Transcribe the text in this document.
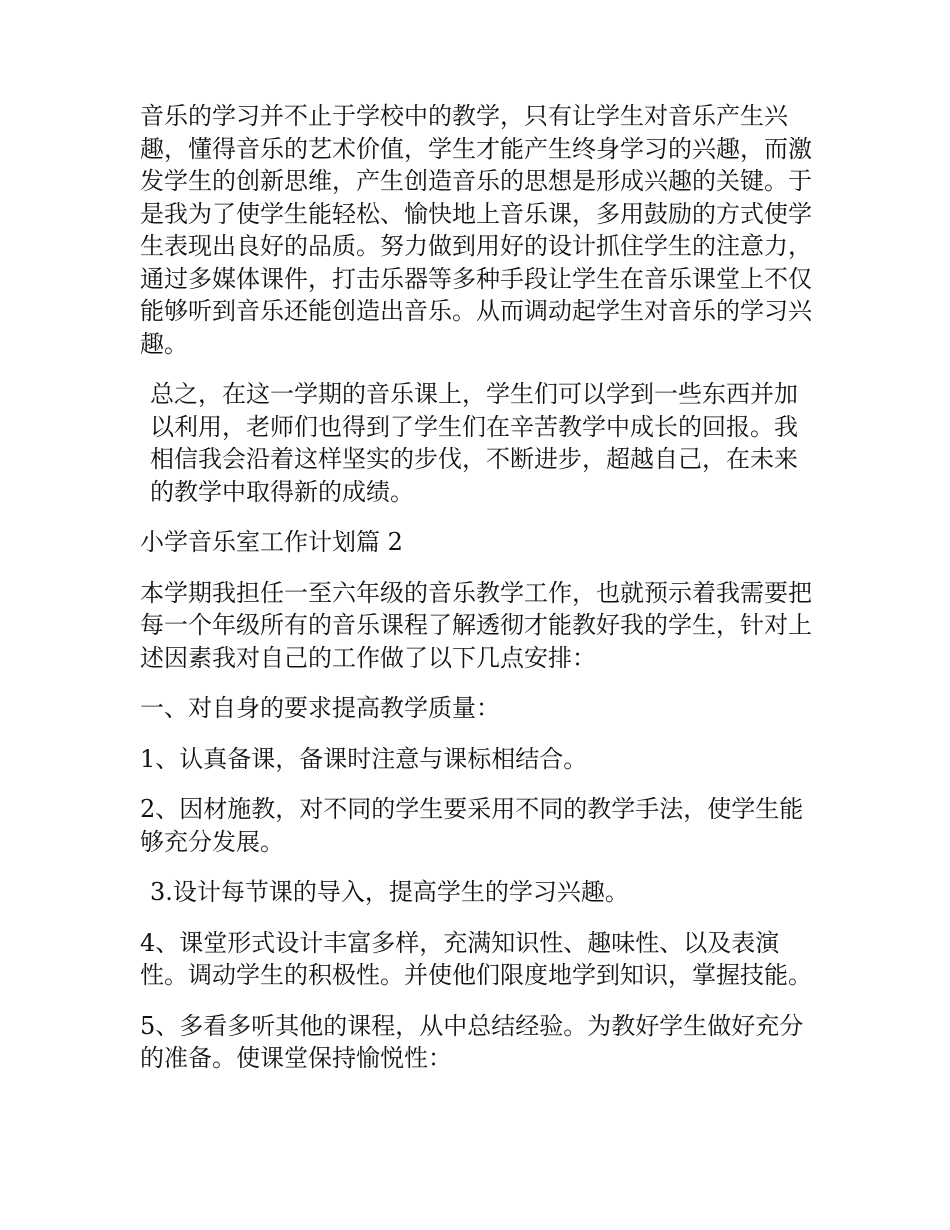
音乐的学习并不止于学校中的教学，只有让学生对音乐产生兴趣，懂得音乐的艺术价值，学生才能产生终身学习的兴趣，而激发学生的创新思维，产生创造音乐的思想是形成兴趣的关键。于是我为了使学生能轻松、愉快地上音乐课，多用鼓励的方式使学生表现出良好的品质。努力做到用好的设计抓住学生的注意力，通过多媒体课件，打击乐器等多种手段让学生在音乐课堂上不仅能够听到音乐还能创造出音乐。从而调动起学生对音乐的学习兴趣。

总之，在这一学期的音乐课上，学生们可以学到一些东西并加以利用，老师们也得到了学生们在辛苦教学中成长的回报。我相信我会沿着这样坚实的步伐，不断进步，超越自己，在未来的教学中取得新的成绩。

小学音乐室工作计划篇 2

本学期我担任一至六年级的音乐教学工作，也就预示着我需要把每一个年级所有的音乐课程了解透彻才能教好我的学生，针对上述因素我对自己的工作做了以下几点安排：

一、对自身的要求提高教学质量：

1、认真备课，备课时注意与课标相结合。

2、因材施教，对不同的学生要采用不同的教学手法，使学生能够充分发展。

3.设计每节课的导入，提高学生的学习兴趣。

4、课堂形式设计丰富多样，充满知识性、趣味性、以及表演性。调动学生的积极性。并使他们限度地学到知识，掌握技能。

5、多看多听其他的课程，从中总结经验。为教好学生做好充分的准备。使课堂保持愉悦性：
